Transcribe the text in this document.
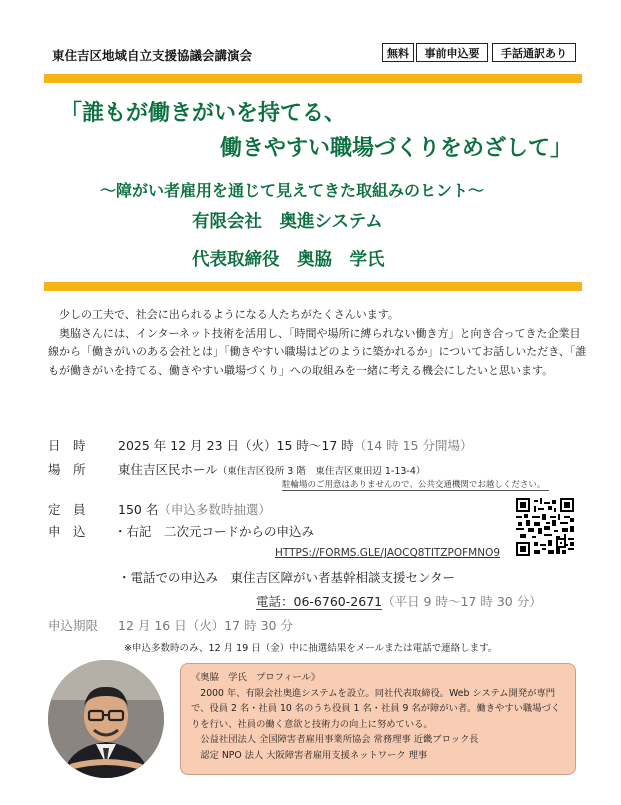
東住吉区地域自立支援協議会講演会	無料	事前申込要	手話通訳あり
「誰もが働きがいを持てる、
働きやすい職場づくりをめざして」
～障がい者雇用を通じて見えてきた取組みのヒント～
有限会社　奥進システム
代表取締役　奥脇　学氏

少しの工夫で、社会に出られるようになる人たちがたくさんいます。

奥脇さんには、インターネット技術を活用し、「時間や場所に縛られない働き方」と向き合ってきた企業目線から「働きがいのある会社とは」「働きやすい職場はどのように築かれるか」についてお話しいただき、「誰もが働きがいを持てる、働きやすい職場づくり」への取組みを一緒に考える機会にしたいと思います。

日　時	2025 年 12 月 23 日（火）15 時～17 時（14 時 15 分開場）
場　所	東住吉区民ホール（東住吉区役所 3 階　東住吉区東田辺 1-13-4）
駐輪場のご用意はありませんので、公共交通機関でお越しください。
定　員	150 名（申込多数時抽選）
申　込 ・右記　二次元コードからの申込み
HTTPS://FORMS.GLE/JAOCQ8TITZPOFMNO9
・電話での申込み　東住吉区障がい者基幹相談支援センター
電話：06-6760-2671（平日 9 時～17 時 30 分）
申込期限 12 月 16 日（火）17 時 30 分
※申込多数時のみ、12 月 19 日（金）中に抽選結果をメールまたは電話で連絡します。

《奥脇　学氏　プロフィール》

2000 年、有限会社奥進システムを設立。同社代表取締役。Web システム開発が専門で、役員 2 名・社員 10 名のうち役員 1 名・社員 9 名が障がい者。働きやすい職場づくりを行い、社員の働く意欲と技術力の向上に努めている。

公益社団法人 全国障害者雇用事業所協会 常務理事 近畿ブロック長

認定 NPO 法人 大阪障害者雇用支援ネットワーク 理事
